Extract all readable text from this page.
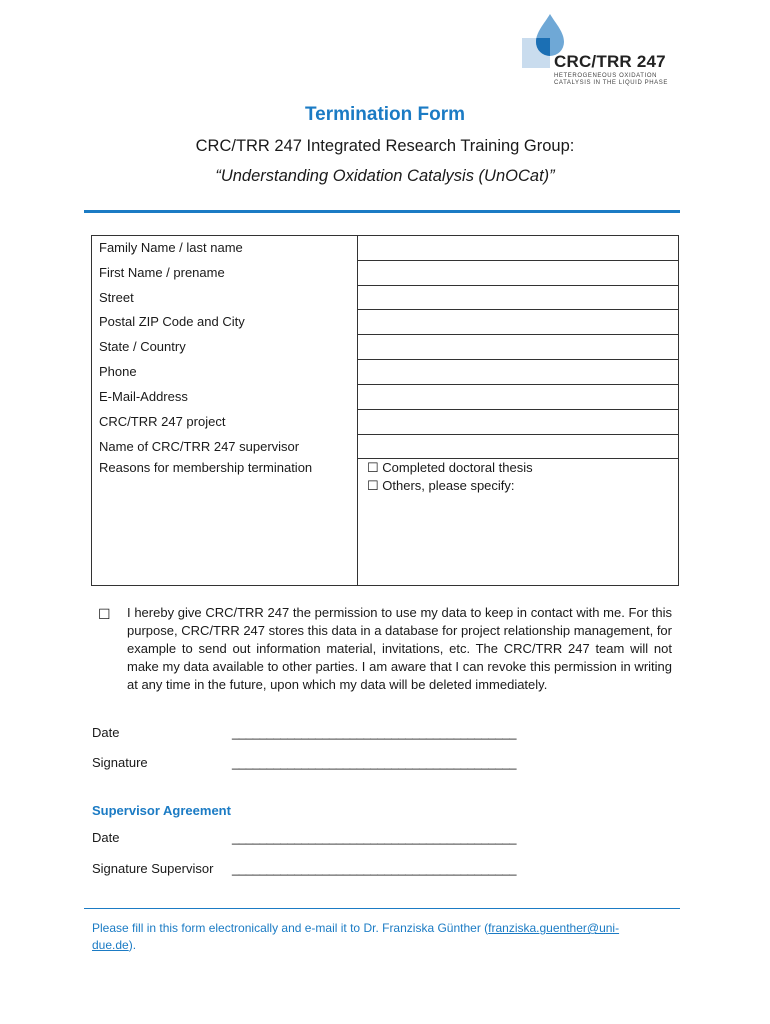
CRC/TRR 247
HETEROGENEOUS OXIDATION
CATALYSIS IN THE LIQUID PHASE
Termination Form
CRC/TRR 247 Integrated Research Training Group:
“Understanding Oxidation Catalysis (UnOCat)”
Family Name / last name
First Name / prename
Street
Postal ZIP Code and City
State / Country
Phone
E-Mail-Address
CRC/TRR 247 project
Name of CRC/TRR 247 supervisor
Reasons for membership termination	☐ Completed doctoral thesis
☐ Others, please specify:
☐ I hereby give CRC/TRR 247 the permission to use my data to keep in contact with me. For this purpose, CRC/TRR 247 stores this data in a database for project relationship management, for example to send out information material, invitations, etc. The CRC/TRR 247 team will not make my data available to other parties. I am aware that I can revoke this permission in writing at any time in the future, upon which my data will be deleted immediately.
Date	_________________________________________
Signature	_________________________________________
Supervisor Agreement
Date	_________________________________________
Signature Supervisor _________________________________________
Please fill in this form electronically and e-mail it to Dr. Franziska Günther (franziska.guenther@uni-
due.de).
